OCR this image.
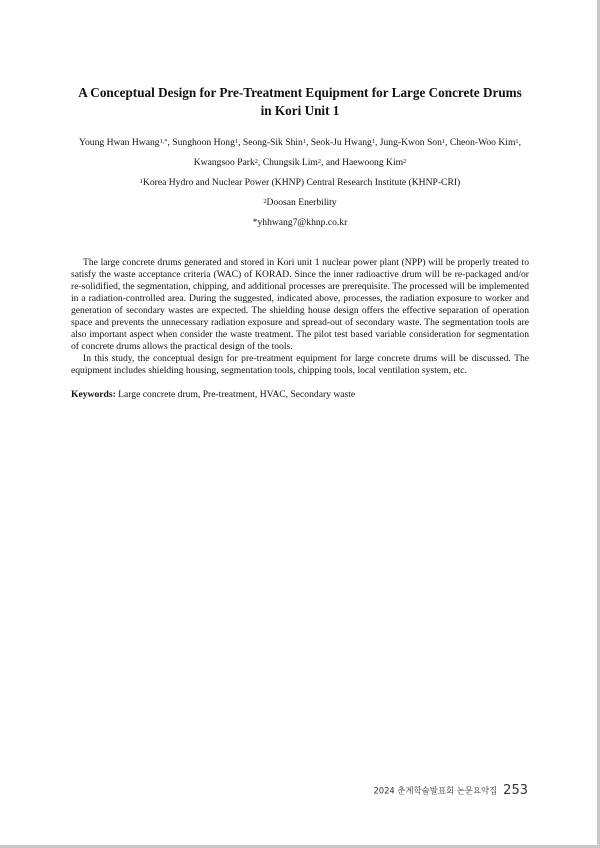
A Conceptual Design for Pre-Treatment Equipment for Large Concrete Drums
in Kori Unit 1
Young Hwan Hwang$^{1,*}$, Sunghoon Hong$^1$, Seong-Sik Shin$^1$, Seok-Ju Hwang$^1$, Jung-Kwon Son$^1$, Cheon-Woo Kim$^1$,
Kwangsoo Park$^2$, Chungsik Lim$^2$, and Haewoong Kim$^2$

$^1$Korea Hydro and Nuclear Power (KHNP) Central Research Institute (KHNP-CRI)

$^2$Doosan Enerbility

*yhhwang7@khnp.co.kr

The large concrete drums generated and stored in Kori unit 1 nuclear power plant (NPP) will be properly treated to satisfy the waste acceptance criteria (WAC) of KORAD. Since the inner radioactive drum will be re-packaged and/or re-solidified, the segmentation, chipping, and additional processes are prerequisite. The processed will be implemented in a radiation-controlled area. During the suggested, indicated above, processes, the radiation exposure to worker and generation of secondary wastes are expected. The shielding house design offers the effective separation of operation space and prevents the unnecessary radiation exposure and spread-out of secondary waste. The segmentation tools are also important aspect when consider the waste treatment. The pilot test based variable consideration for segmentation of concrete drums allows the practical design of the tools.

In this study, the conceptual design for pre-treatment equipment for large concrete drums will be discussed. The equipment includes shielding housing, segmentation tools, chipping tools, local ventilation system, etc.

Keywords: Large concrete drum, Pre-treatment, HVAC, Secondary waste
2024 춘계학술발표회 논문요약집 253
